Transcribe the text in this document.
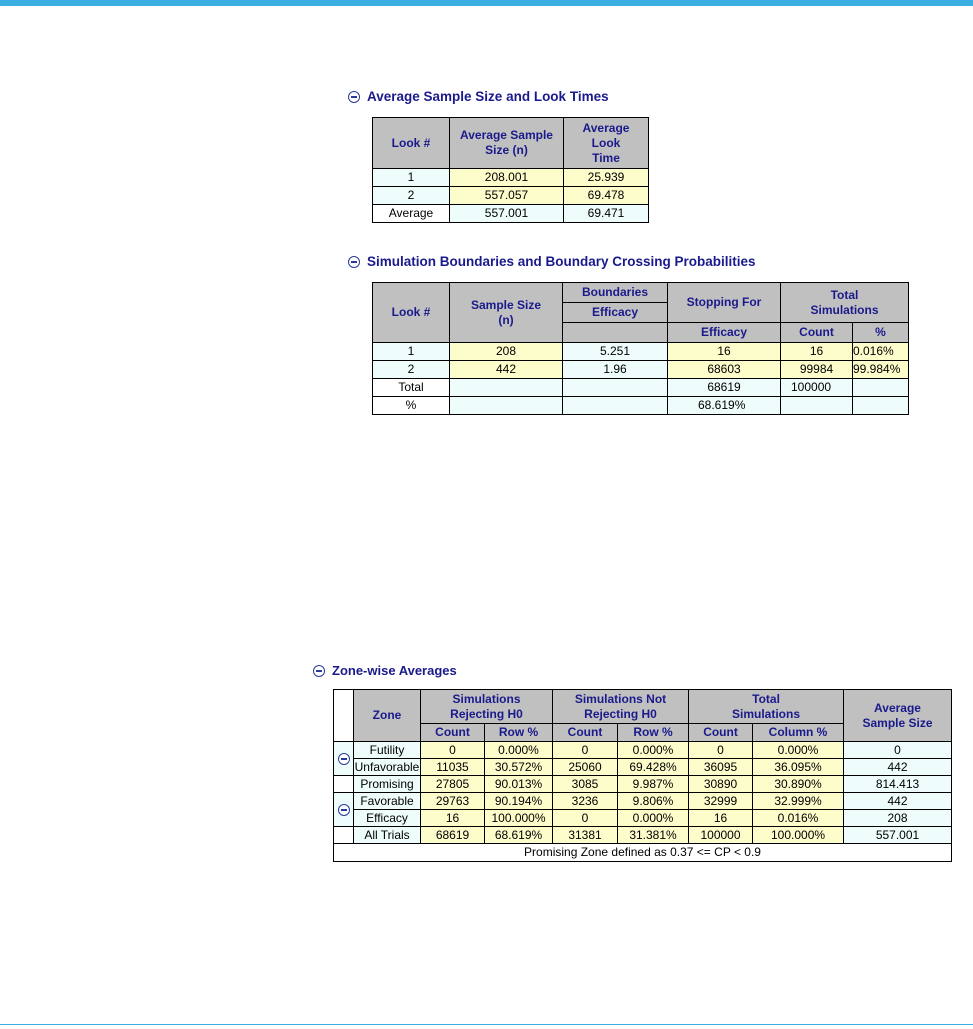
Average Sample Size and Look Times
Look #	Average Sample Size (n)	Average Look Time
1	208.001	25.939
2	557.057	69.478
Average	557.001	69.471
Simulation Boundaries and Boundary Crossing Probabilities
Look #	Sample Size (n)	Boundaries	Stopping For	Total Simulations	
		Efficacy			
			Efficacy	Count	%
1	208	5.251	16	16	0.016%
2	442	1.96	68603	99984	99.984%
Total			68619	100000	
%			68.619%		
Zone-wise Averages
	Zone	Simulations Rejecting H0		Simulations Not Rejecting H0		Total Simulations		Average Sample Size
		Count	Row %	Count	Row %	Count	Column %	

	Futility	0	0.000%	0	0.000%	0	0.000%	0
	Unfavorable	11035	30.572%	25060	69.428%	36095	36.095%	442
	Promising	27805	90.013%	3085	9.987%	30890	30.890%	814.413

	Favorable	29763	90.194%	3236	9.806%	32999	32.999%	442
	Efficacy	16	100.000%	0	0.000%	16	0.016%	208
	All Trials	68619	68.619%	31381	31.381%	100000	100.000%	557.001
Promising Zone defined as 0.37 <= CP < 0.9								
